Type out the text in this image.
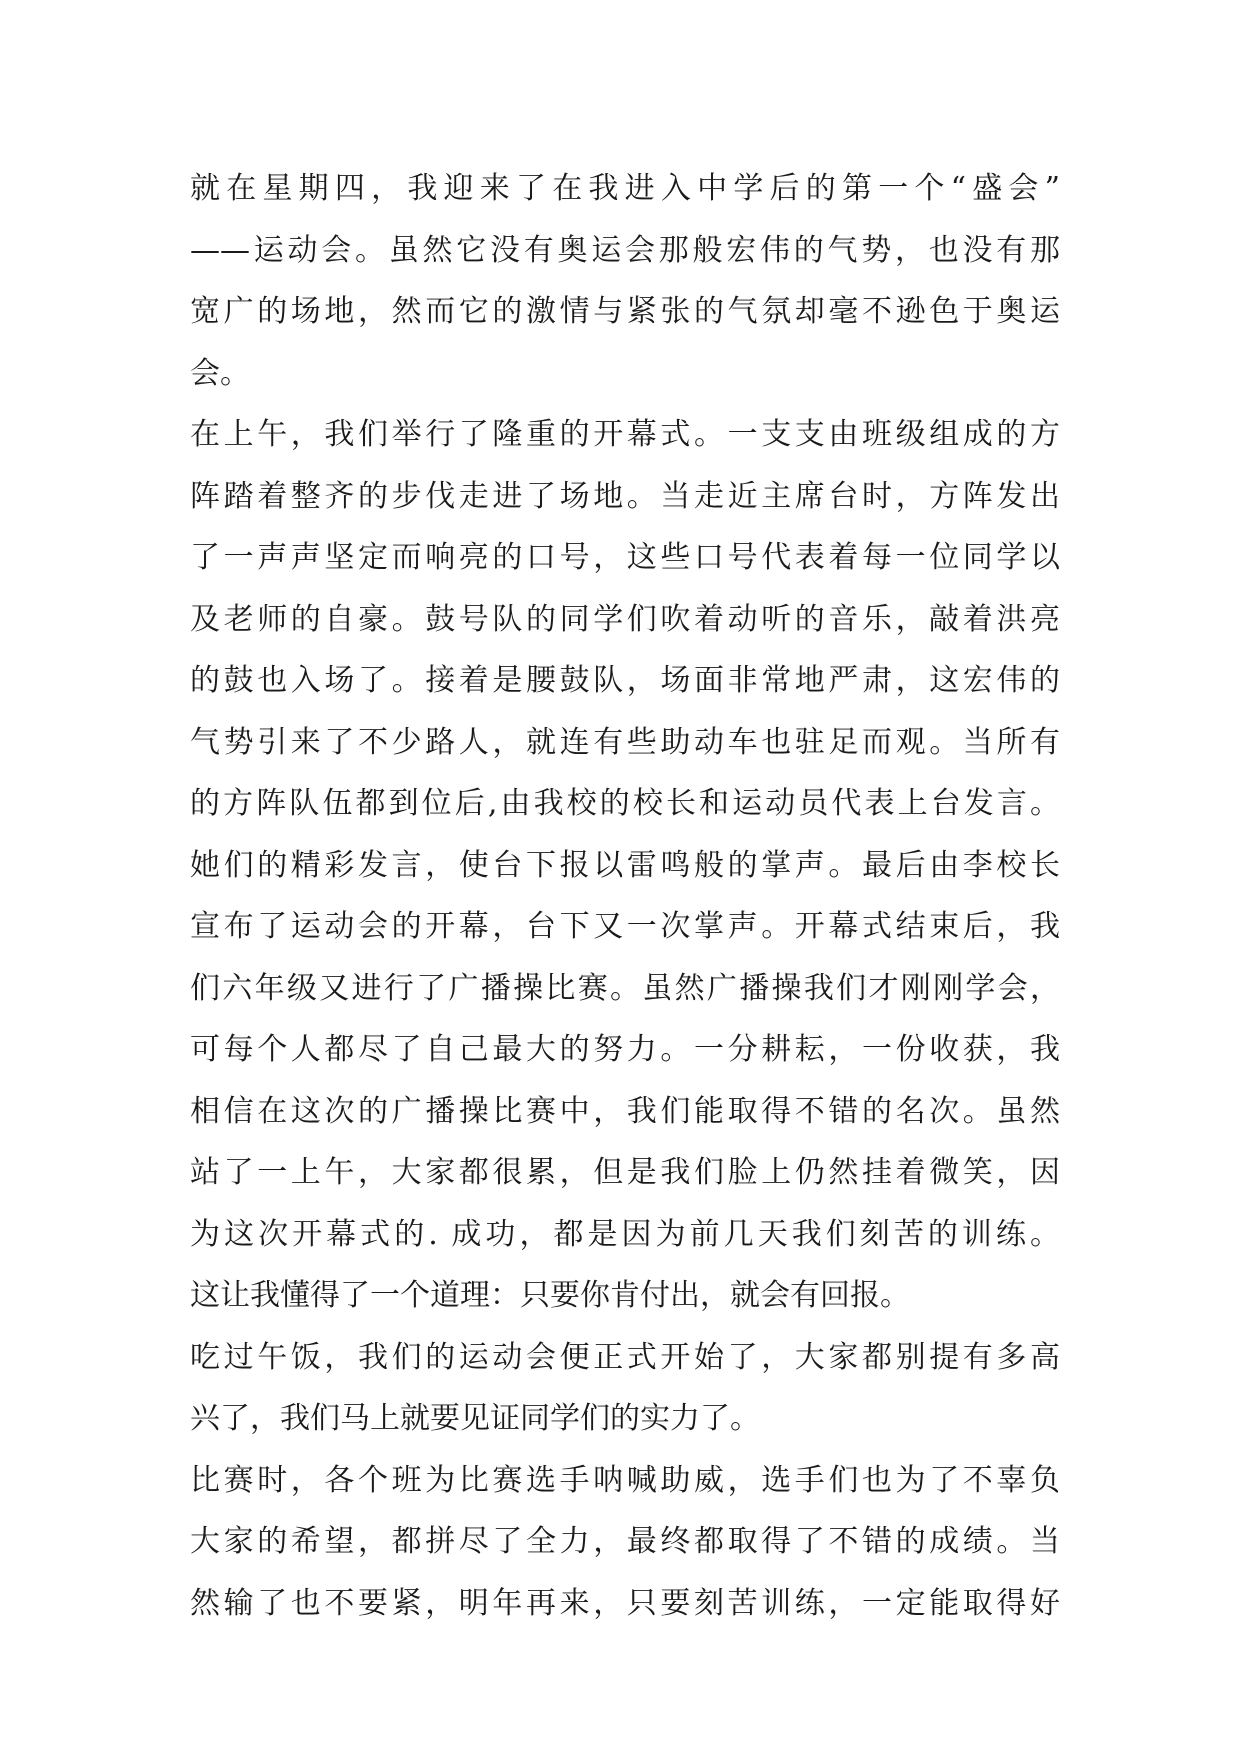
就在星期四，我迎来了在我进入中学后的第一个“盛会”
——运动会。虽然它没有奥运会那般宏伟的气势，也没有那
宽广的场地，然而它的激情与紧张的气氛却毫不逊色于奥运
会。
在上午，我们举行了隆重的开幕式。一支支由班级组成的方
阵踏着整齐的步伐走进了场地。当走近主席台时，方阵发出
了一声声坚定而响亮的口号，这些口号代表着每一位同学以
及老师的自豪。鼓号队的同学们吹着动听的音乐，敲着洪亮
的鼓也入场了。接着是腰鼓队，场面非常地严肃，这宏伟的
气势引来了不少路人，就连有些助动车也驻足而观。当所有
的方阵队伍都到位后,由我校的校长和运动员代表上台发言。
她们的精彩发言，使台下报以雷鸣般的掌声。最后由李校长
宣布了运动会的开幕，台下又一次掌声。开幕式结束后，我
们六年级又进行了广播操比赛。虽然广播操我们才刚刚学会，
可每个人都尽了自己最大的努力。一分耕耘，一份收获，我
相信在这次的广播操比赛中，我们能取得不错的名次。虽然
站了一上午，大家都很累，但是我们脸上仍然挂着微笑，因
为这次开幕式的. 成功，都是因为前几天我们刻苦的训练。
这让我懂得了一个道理：只要你肯付出，就会有回报。
吃过午饭，我们的运动会便正式开始了，大家都别提有多高
兴了，我们马上就要见证同学们的实力了。
比赛时，各个班为比赛选手呐喊助威，选手们也为了不辜负
大家的希望，都拼尽了全力，最终都取得了不错的成绩。当
然输了也不要紧，明年再来，只要刻苦训练，一定能取得好
